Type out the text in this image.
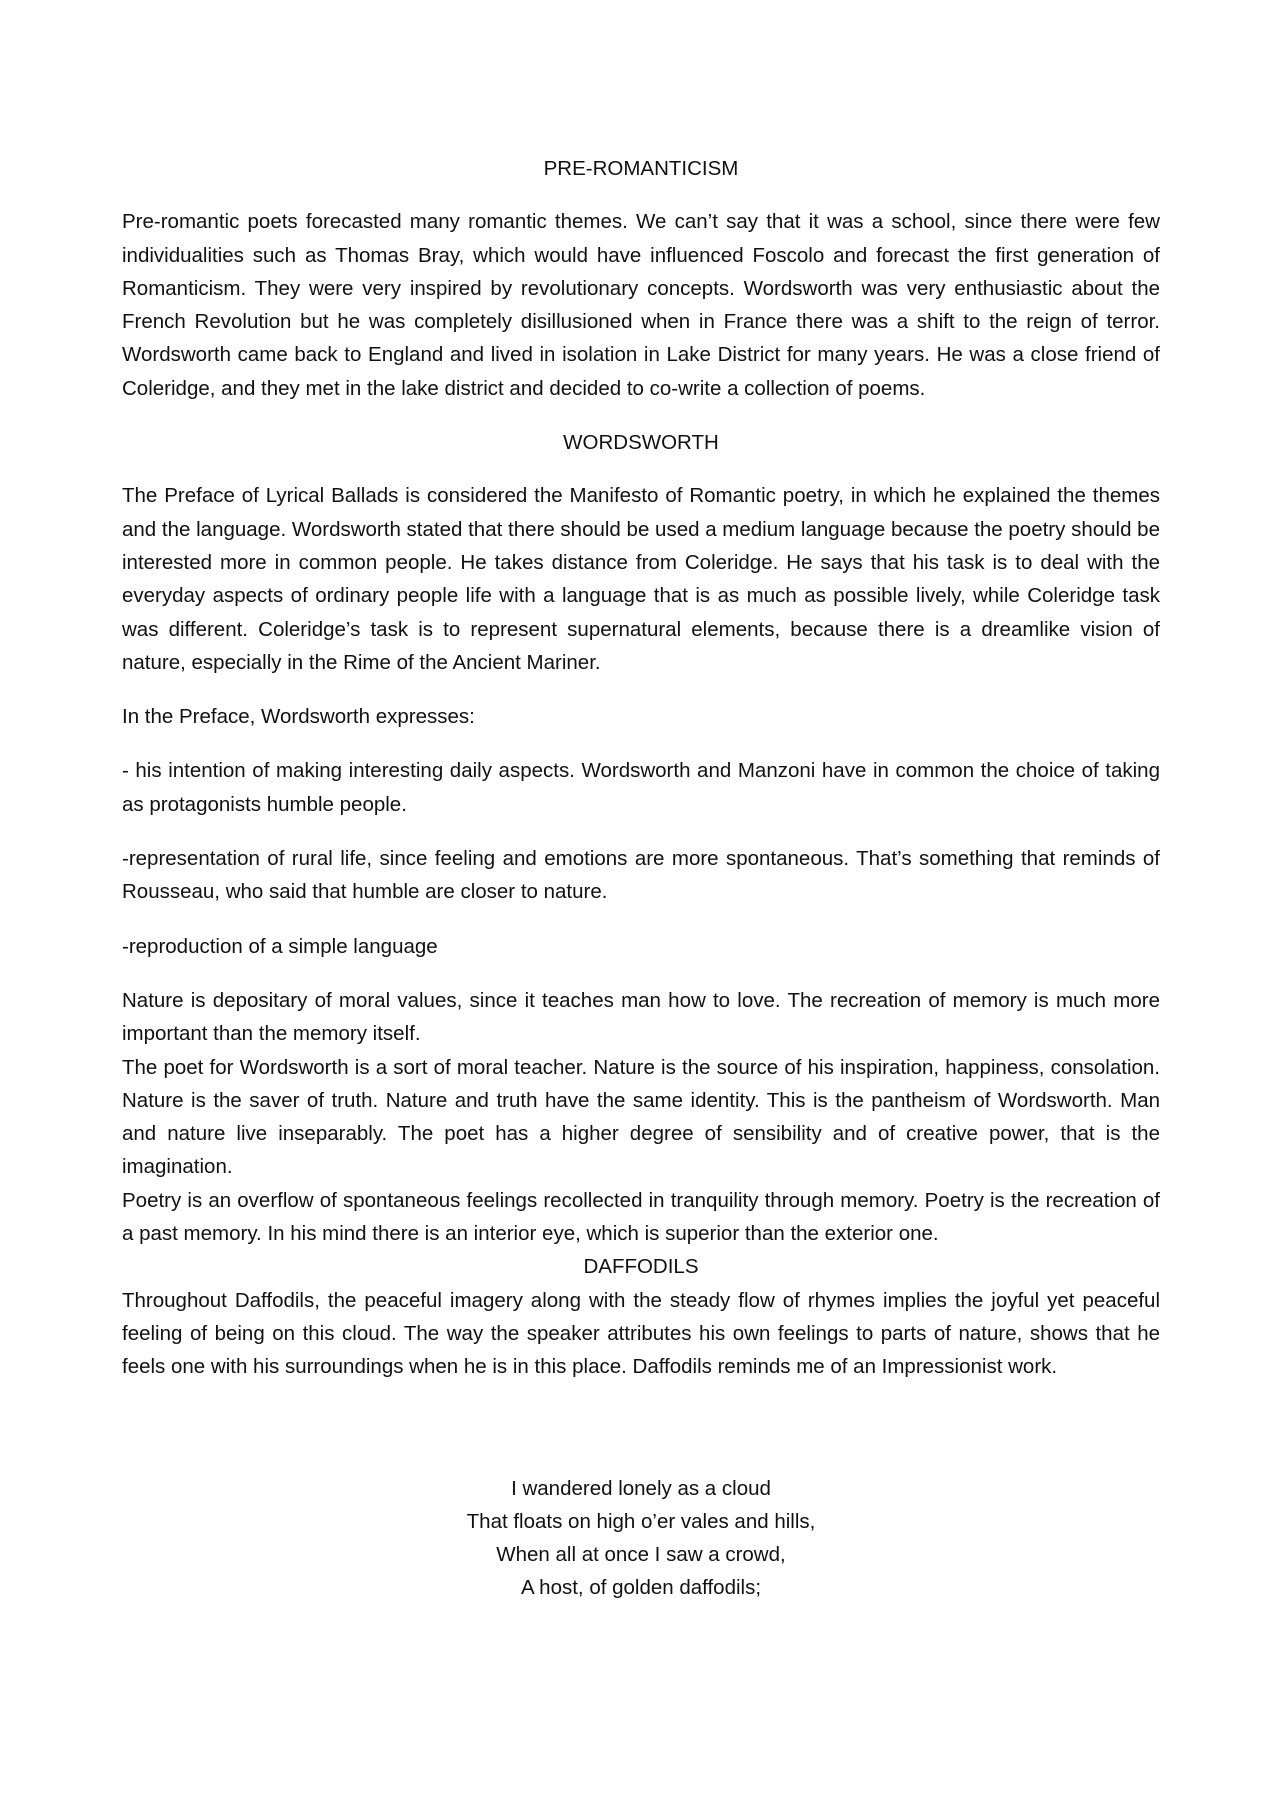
PRE-ROMANTICISM

Pre-romantic poets forecasted many romantic themes. We can’t say that it was a school, since there were few individualities such as Thomas Bray, which would have influenced Foscolo and forecast the first generation of Romanticism. They were very inspired by revolutionary concepts. Wordsworth was very enthusiastic about the French Revolution but he was completely disillusioned when in France there was a shift to the reign of terror. Wordsworth came back to England and lived in isolation in Lake District for many years. He was a close friend of Coleridge, and they met in the lake district and decided to co-write a collection of poems.

WORDSWORTH

The Preface of Lyrical Ballads is considered the Manifesto of Romantic poetry, in which he explained the themes and the language. Wordsworth stated that there should be used a medium language because the poetry should be interested more in common people. He takes distance from Coleridge. He says that his task is to deal with the everyday aspects of ordinary people life with a language that is as much as possible lively, while Coleridge task was different. Coleridge’s task is to represent supernatural elements, because there is a dreamlike vision of nature, especially in the Rime of the Ancient Mariner.

In the Preface, Wordsworth expresses:

- his intention of making interesting daily aspects. Wordsworth and Manzoni have in common the choice of taking as protagonists humble people.

-representation of rural life, since feeling and emotions are more spontaneous. That’s something that reminds of Rousseau, who said that humble are closer to nature.

-reproduction of a simple language

Nature is depositary of moral values, since it teaches man how to love. The recreation of memory is much more important than the memory itself.

The poet for Wordsworth is a sort of moral teacher. Nature is the source of his inspiration, happiness, consolation. Nature is the saver of truth. Nature and truth have the same identity. This is the pantheism of Wordsworth. Man and nature live inseparably. The poet has a higher degree of sensibility and of creative power, that is the imagination.

Poetry is an overflow of spontaneous feelings recollected in tranquility through memory. Poetry is the recreation of a past memory. In his mind there is an interior eye, which is superior than the exterior one.

DAFFODILS

Throughout Daffodils, the peaceful imagery along with the steady flow of rhymes implies the joyful yet peaceful feeling of being on this cloud. The way the speaker attributes his own feelings to parts of nature, shows that he feels one with his surroundings when he is in this place. Daffodils reminds me of an Impressionist work.

I wandered lonely as a cloud
That floats on high o’er vales and hills,
When all at once I saw a crowd,
A host, of golden daffodils;
